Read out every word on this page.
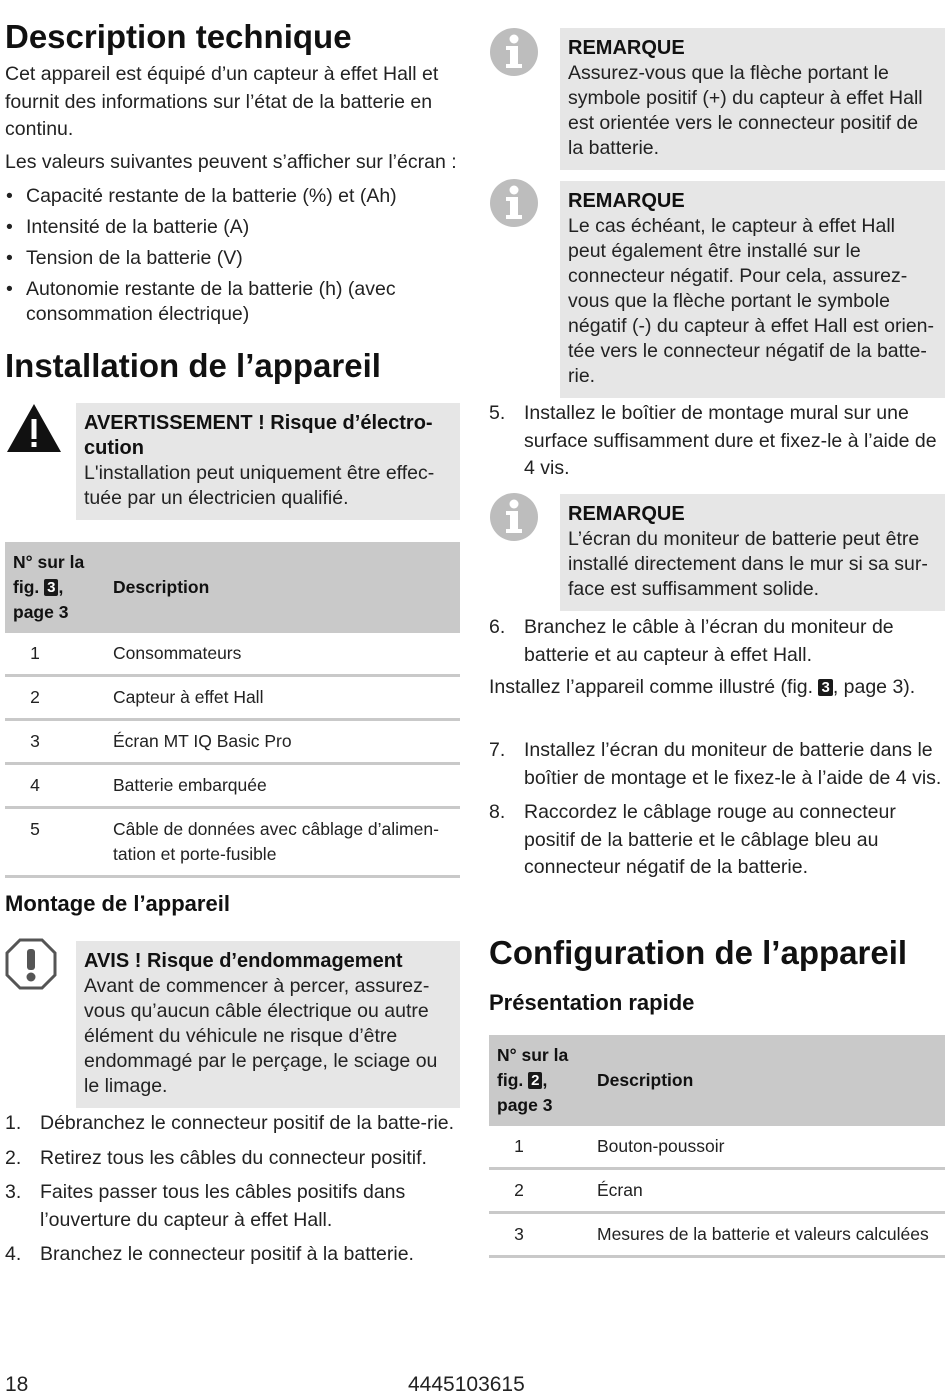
Description technique

Cet appareil est équipé d’un capteur à effet Hall et fournit des informations sur l’état de la batterie en continu.

Les valeurs suivantes peuvent s’afficher sur l’écran :

• Capacité restante de la batterie (%) et (Ah)
• Intensité de la batterie (A)
• Tension de la batterie (V)
• Autonomie restante de la batterie (h) (avec consommation électrique)
Installation de l’appareil
AVERTISSEMENT ! Risque d’électro-cution
L'installation peut uniquement être effec-tuée par un électricien qualifié.
N° sur la fig. 3 , page 3	Description
1	Consommateurs
2	Capteur à effet Hall
3	Écran MT IQ Basic Pro
4	Batterie embarquée
5	Câble de données avec câblage d’alimen-tation et porte-fusible
Montage de l’appareil
AVIS ! Risque d’endommagement
Avant de commencer à percer, assurez-vous qu’aucun câble électrique ou autre élément du véhicule ne risque d’être endommagé par le perçage, le sciage ou le limage.
1. Débranchez le connecteur positif de la batte-rie.
2. Retirez tous les câbles du connecteur positif.
3. Faites passer tous les câbles positifs dans l’ouverture du capteur à effet Hall.
4. Branchez le connecteur positif à la batterie.
REMARQUE
Assurez-vous que la flèche portant le symbole positif (+) du capteur à effet Hall est orientée vers le connecteur positif de la batterie.
REMARQUE
Le cas échéant, le capteur à effet Hall peut également être installé sur le connecteur négatif. Pour cela, assurez-vous que la flèche portant le symbole négatif (-) du capteur à effet Hall est orien-tée vers le connecteur négatif de la batte-rie.
5. Installez le boîtier de montage mural sur une surface suffisamment dure et fixez-le à l’aide de 4 vis.
REMARQUE
L’écran du moniteur de batterie peut être installé directement dans le mur si sa sur-face est suffisamment solide.
6. Branchez le câble à l’écran du moniteur de batterie et au capteur à effet Hall.

Installez l’appareil comme illustré (fig. 3 , page 3).

7. Installez l’écran du moniteur de batterie dans le boîtier de montage et le fixez-le à l’aide de 4 vis.
8. Raccordez le câblage rouge au connecteur positif de la batterie et le câblage bleu au connecteur négatif de la batterie.
Configuration de l’appareil
Présentation rapide
N° sur la fig. 2 , page 3	Description
1	Bouton-poussoir
2	Écran
3	Mesures de la batterie et valeurs calculées
18	4445103615
